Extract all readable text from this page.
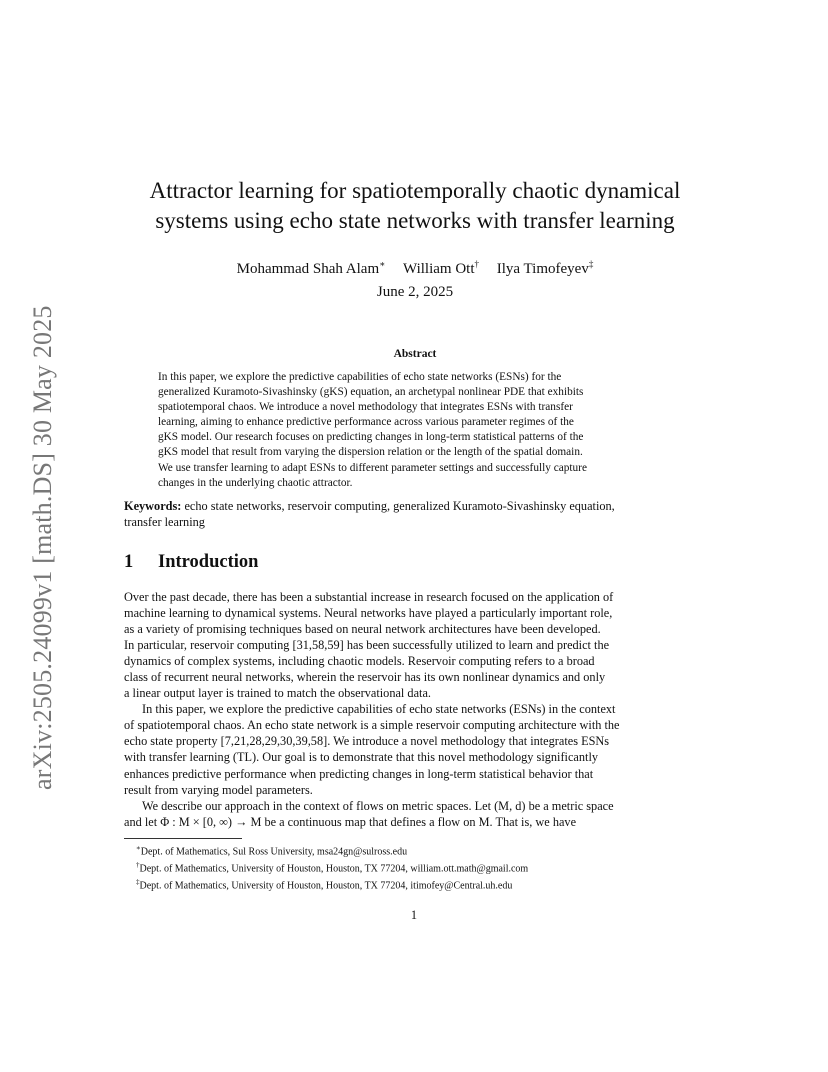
arXiv:2505.24099v1 [math.DS] 30 May 2025
Attractor learning for spatiotemporally chaotic dynamical
systems using echo state networks with transfer learning
Mohammad Shah Alam∗ William Ott† Ilya Timofeyev‡
June 2, 2025
Abstract
In this paper, we explore the predictive capabilities of echo state networks (ESNs) for the
generalized Kuramoto-Sivashinsky (gKS) equation, an archetypal nonlinear PDE that exhibits
spatiotemporal chaos. We introduce a novel methodology that integrates ESNs with transfer
learning, aiming to enhance predictive performance across various parameter regimes of the
gKS model. Our research focuses on predicting changes in long-term statistical patterns of the
gKS model that result from varying the dispersion relation or the length of the spatial domain.
We use transfer learning to adapt ESNs to different parameter settings and successfully capture
changes in the underlying chaotic attractor.
Keywords: echo state networks, reservoir computing, generalized Kuramoto-Sivashinsky equation,
transfer learning
1 Introduction
Over the past decade, there has been a substantial increase in research focused on the application of
machine learning to dynamical systems. Neural networks have played a particularly important role,
as a variety of promising techniques based on neural network architectures have been developed.
In particular, reservoir computing [31,58,59] has been successfully utilized to learn and predict the
dynamics of complex systems, including chaotic models. Reservoir computing refers to a broad
class of recurrent neural networks, wherein the reservoir has its own nonlinear dynamics and only
a linear output layer is trained to match the observational data.
In this paper, we explore the predictive capabilities of echo state networks (ESNs) in the context
of spatiotemporal chaos. An echo state network is a simple reservoir computing architecture with the
echo state property [7,21,28,29,30,39,58]. We introduce a novel methodology that integrates ESNs
with transfer learning (TL). Our goal is to demonstrate that this novel methodology significantly
enhances predictive performance when predicting changes in long-term statistical behavior that
result from varying model parameters.
We describe our approach in the context of flows on metric spaces. Let (M, d) be a metric space
and let Φ : M × [0, ∞) → M be a continuous map that defines a flow on M. That is, we have
∗Dept. of Mathematics, Sul Ross University, msa24gn@sulross.edu
†Dept. of Mathematics, University of Houston, Houston, TX 77204, william.ott.math@gmail.com
‡Dept. of Mathematics, University of Houston, Houston, TX 77204, itimofey@Central.uh.edu
1
